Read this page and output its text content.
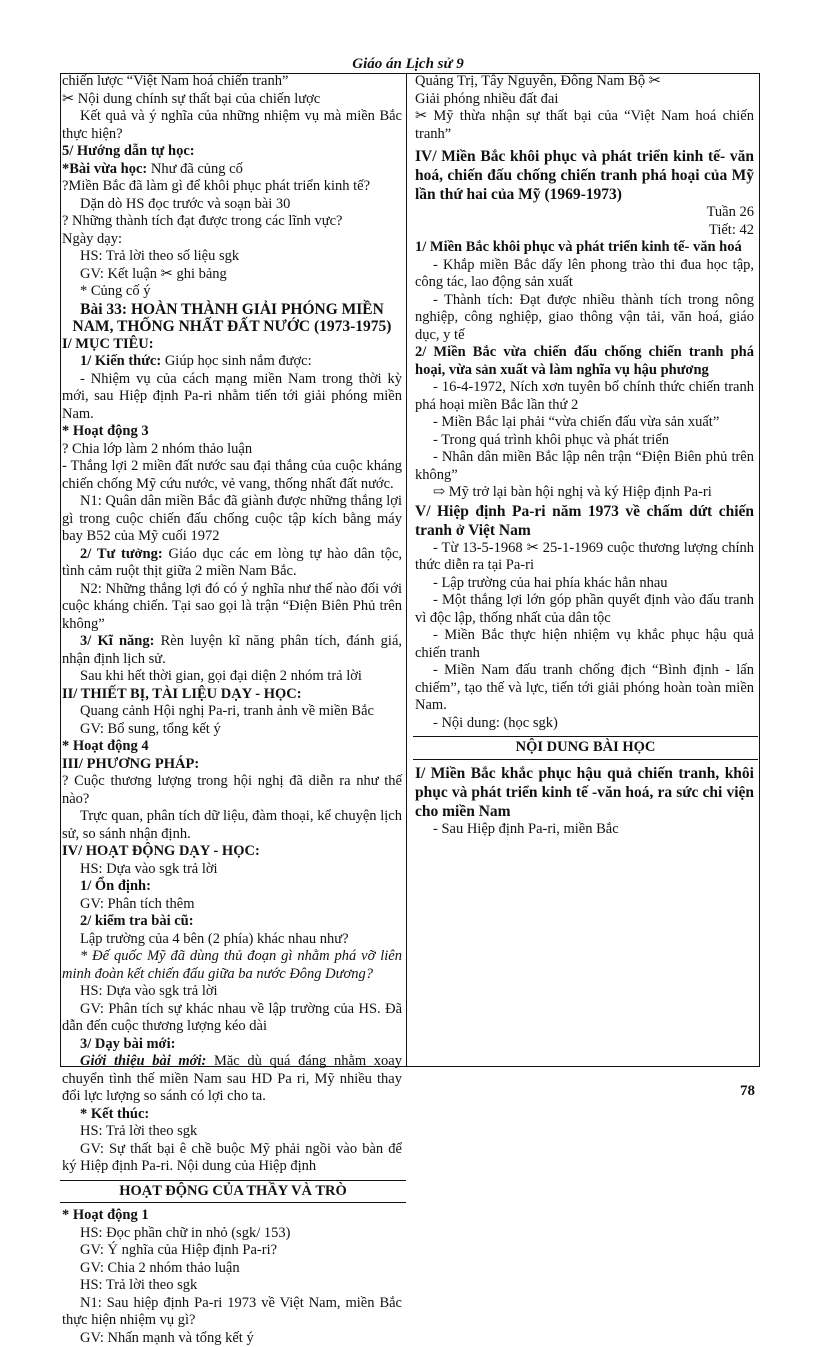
Giáo án Lịch sử 9

chiến lược “Việt Nam hoá chiến tranh”

✂ Nội dung chính sự thất bại của chiến lược

Kết quả và ý nghĩa của những nhiệm vụ mà miền Bắc thực hiện?

5/ Hướng dẫn tự học:

*Bài vừa học: Như đã củng cố

?Miền Bắc đã làm gì để khôi phục phát triển kinh tế?

Dặn dò HS đọc trước và soạn bài 30

? Những thành tích đạt được trong các lĩnh vực?

Ngày dạy:

HS: Trả lời theo số liệu sgk

GV: Kết luận ✂ ghi bảng

* Củng cố ý

Bài 33: HOÀN THÀNH GIẢI PHÓNG MIỀN NAM, THỐNG NHẤT ĐẤT NƯỚC (1973-1975)

I/ MỤC TIÊU:

1/ Kiến thức: Giúp học sinh nắm được:

- Nhiệm vụ của cách mạng miền Nam trong thời kỳ mới, sau Hiệp định Pa-ri nhằm tiến tới giải phóng miền Nam.

* Hoạt động 3

? Chia lớp làm 2 nhóm thảo luận

- Thắng lợi 2 miền đất nước sau đại thắng của cuộc kháng chiến chống Mỹ cứu nước, vẻ vang, thống nhất đất nước.

N1: Quân dân miền Bắc đã giành được những thắng lợi gì trong cuộc chiến đấu chống cuộc tập kích bằng máy bay B52 của Mỹ cuối 1972

2/ Tư tưởng: Giáo dục các em lòng tự hào dân tộc, tình cảm ruột thịt giữa 2 miền Nam Bắc.

N2: Những thắng lợi đó có ý nghĩa như thế nào đối với cuộc kháng chiến. Tại sao gọi là trận “Điện Biên Phủ trên không”

3/ Kĩ năng: Rèn luyện kĩ năng phân tích, đánh giá, nhận định lịch sử.

Sau khi hết thời gian, gọi đại diện 2 nhóm trả lời

II/ THIẾT BỊ, TÀI LIỆU DẠY - HỌC:

Quang cảnh Hội nghị Pa-ri, tranh ảnh về miền Bắc

GV: Bổ sung, tổng kết ý

* Hoạt động 4

III/ PHƯƠNG PHÁP:

? Cuộc thương lượng trong hội nghị đã diễn ra như thế nào?

Trực quan, phân tích dữ liệu, đàm thoại, kể chuyện lịch sử, so sánh nhận định.

IV/ HOẠT ĐỘNG DẠY - HỌC:

HS: Dựa vào sgk trả lời

1/ Ổn định:

GV: Phân tích thêm

2/ kiểm tra bài cũ:

Lập trường của 4 bên (2 phía) khác nhau như?

* Đế quốc Mỹ đã dùng thủ đoạn gì nhằm phá vỡ liên minh đoàn kết chiến đấu giữa ba nước Đông Dương?

HS: Dựa vào sgk trả lời

GV: Phân tích sự khác nhau về lập trường của HS. Đã dẫn đến cuộc thương lượng kéo dài

3/ Dạy bài mới:

Giới thiệu bài mới: Mặc dù quá đáng nhằm xoay chuyển tình thế miền Nam sau HD Pa ri, Mỹ nhiều thay đổi lực lượng so sánh có lợi cho ta.

* Kết thúc:

HS: Trả lời theo sgk

GV: Sự thất bại ê chề buộc Mỹ phải ngồi vào bàn để ký Hiệp định Pa-ri. Nội dung của Hiệp định

HOẠT ĐỘNG CỦA THẦY VÀ TRÒ

* Hoạt động 1

HS: Đọc phần chữ in nhỏ (sgk/ 153)

GV: Ý nghĩa của Hiệp định Pa-ri?

GV: Chia 2 nhóm thảo luận

HS: Trả lời theo sgk

N1: Sau hiệp định Pa-ri 1973 về Việt Nam, miền Bắc thực hiện nhiệm vụ gì?

GV: Nhấn mạnh và tổng kết ý

Quảng Trị, Tây Nguyên, Đông Nam Bộ ✂

Giải phóng nhiều đất đai

✂ Mỹ thừa nhận sự thất bại của “Việt Nam hoá chiến tranh”

IV/ Miền Bắc khôi phục và phát triển kinh tế- văn hoá, chiến đấu chống chiến tranh phá hoại của Mỹ lần thứ hai của Mỹ (1969-1973)

Tuần 26

Tiết: 42

1/ Miền Bắc khôi phục và phát triển kinh tế- văn hoá

- Khắp miền Bắc dấy lên phong trào thi đua học tập, công tác, lao động sản xuất

- Thành tích: Đạt được nhiều thành tích trong nông nghiệp, công nghiệp, giao thông vận tải, văn hoá, giáo dục, y tế

2/ Miền Bắc vừa chiến đấu chống chiến tranh phá hoại, vừa sản xuất và làm nghĩa vụ hậu phương

- 16-4-1972, Ních xơn tuyên bố chính thức chiến tranh phá hoại miền Bắc lần thứ 2

- Miền Bắc lại phải “vừa chiến đấu vừa sản xuất”

- Trong quá trình khôi phục và phát triển

- Nhân dân miền Bắc lập nên trận “Điện Biên phủ trên không”

⇨ Mỹ trở lại bàn hội nghị và ký Hiệp định Pa-ri

V/ Hiệp định Pa-ri năm 1973 về chấm dứt chiến tranh ở Việt Nam

- Từ 13-5-1968 ✂ 25-1-1969 cuộc thương lượng chính thức diễn ra tại Pa-ri

- Lập trường của hai phía khác hẳn nhau

- Một thắng lợi lớn góp phần quyết định vào đấu tranh vì độc lập, thống nhất của dân tộc

- Miền Bắc thực hiện nhiệm vụ khắc phục hậu quả chiến tranh

- Miền Nam đấu tranh chống địch “Bình định - lấn chiếm”, tạo thế và lực, tiến tới giải phóng hoàn toàn miền Nam.

- Nội dung: (học sgk)

NỘI DUNG BÀI HỌC

I/ Miền Bắc khắc phục hậu quả chiến tranh, khôi phục và phát triển kinh tế -văn hoá, ra sức chi viện cho miền Nam

- Sau Hiệp định Pa-ri, miền Bắc

78
